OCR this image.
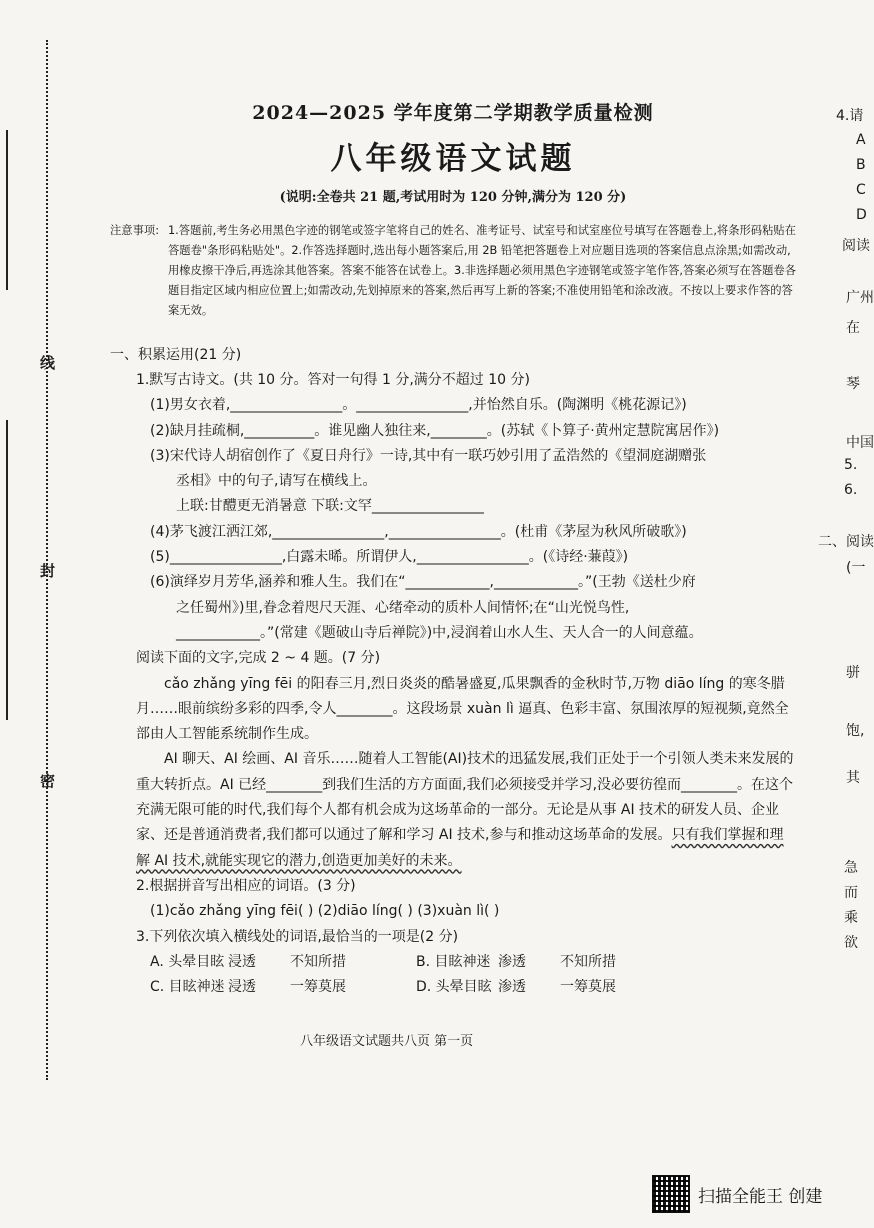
线
封
密
2024—2025 学年度第二学期教学质量检测
八年级语文试题
(说明:全卷共 21 题,考试用时为 120 分钟,满分为 120 分)
注意事项: 1.答题前,考生务必用黑色字迹的钢笔或签字笔将自己的姓名、准考证号、试室号和试室座位号填写在答题卷上,将条形码粘贴在答题卷"条形码粘贴处"。2.作答选择题时,选出每小题答案后,用 2B 铅笔把答题卷上对应题目选项的答案信息点涂黑;如需改动,用橡皮擦干净后,再选涂其他答案。答案不能答在试卷上。3.非选择题必须用黑色字迹钢笔或签字笔作答,答案必须写在答题卷各题目指定区域内相应位置上;如需改动,先划掉原来的答案,然后再写上新的答案;不准使用铅笔和涂改液。不按以上要求作答的答案无效。

一、积累运用(21 分)

1.默写古诗文。(共 10 分。答对一句得 1 分,满分不超过 10 分)

(1)男女衣着,________________。________________,并怡然自乐。(陶渊明《桃花源记》)

(2)缺月挂疏桐,__________。谁见幽人独往来,________。(苏轼《卜算子·黄州定慧院寓居作》)

(3)宋代诗人胡宿创作了《夏日舟行》一诗,其中有一联巧妙引用了孟浩然的《望洞庭湖赠张

丞相》中的句子,请写在横线上。

上联:甘醴更无消暑意 下联:文罕________________

(4)茅飞渡江洒江郊,________________,________________。(杜甫《茅屋为秋风所破歌》)

(5)________________,白露未晞。所谓伊人,________________。(《诗经·蒹葭》)

(6)演绎岁月芳华,涵养和雅人生。我们在“____________,____________。”(王勃《送杜少府

之任蜀州》)里,眷念着咫尺天涯、心绪牵动的质朴人间情怀;在“山光悦鸟性,

____________。”(常建《题破山寺后禅院》)中,浸润着山水人生、天人合一的人间意蕴。

阅读下面的文字,完成 2 ~ 4 题。(7 分)

cǎo zhǎng yīng fēi 的阳春三月,烈日炎炎的酷暑盛夏,瓜果飘香的金秋时节,万物 diāo líng 的寒冬腊月……眼前缤纷多彩的四季,令人________。这段场景 xuàn lì 逼真、色彩丰富、氛围浓厚的短视频,竟然全部由人工智能系统制作生成。

AI 聊天、AI 绘画、AI 音乐……随着人工智能(AI)技术的迅猛发展,我们正处于一个引领人类未来发展的重大转折点。AI 已经________到我们生活的方方面面,我们必须接受并学习,没必要彷徨而________。在这个充满无限可能的时代,我们每个人都有机会成为这场革命的一部分。无论是从事 AI 技术的研发人员、企业家、还是普通消费者,我们都可以通过了解和学习 AI 技术,参与和推动这场革命的发展。只有我们掌握和理解 AI 技术,就能实现它的潜力,创造更加美好的未来。

2.根据拼音写出相应的词语。(3 分)

(1)cǎo zhǎng yīng fēi( ) (2)diāo líng( ) (3)xuàn lì( )

3.下列依次填入横线处的词语,最恰当的一项是(2 分)

A. 头晕目眩 浸透	不知所措	B. 目眩神迷 渗透	不知所措
C. 目眩神迷 浸透	一筹莫展	D. 头晕目眩 渗透	一筹莫展
八年级语文试题共八页 第一页
4.请
A
B
C
D
阅读
广州
在
琴
中国
5.
6.
二、阅读
(一
骈
饱,
其
急
而
乘
欲
扫描全能王 创建
